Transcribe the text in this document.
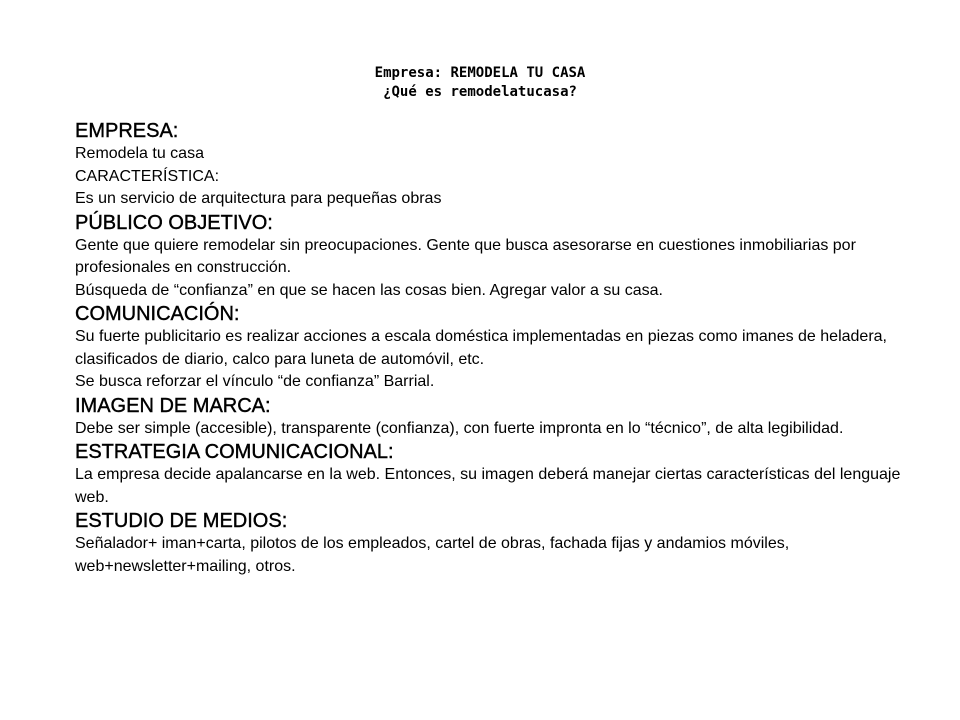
Empresa: REMODELA TU CASA
¿Qué es remodelatucasa?
EMPRESA:

Remodela tu casa

CARACTERÍSTICA:

Es un servicio de arquitectura para pequeñas obras

PÚBLICO OBJETIVO:

Gente que quiere remodelar sin preocupaciones. Gente que busca asesorarse en cuestiones inmobiliarias por profesionales en construcción.

Búsqueda de “confianza” en que se hacen las cosas bien. Agregar valor a su casa.

COMUNICACIÓN:

Su fuerte publicitario es realizar acciones a escala doméstica implementadas en piezas como imanes de heladera, clasificados de diario, calco para luneta de automóvil, etc.

Se busca reforzar el vínculo “de confianza” Barrial.

IMAGEN DE MARCA:

Debe ser simple (accesible), transparente (confianza), con fuerte impronta en lo “técnico”, de alta legibilidad.

ESTRATEGIA COMUNICACIONAL:

La empresa decide apalancarse en la web. Entonces, su imagen deberá manejar ciertas características del lenguaje web.

ESTUDIO DE MEDIOS:

Señalador+ iman+carta, pilotos de los empleados, cartel de obras, fachada fijas y andamios móviles, web+newsletter+mailing, otros.
